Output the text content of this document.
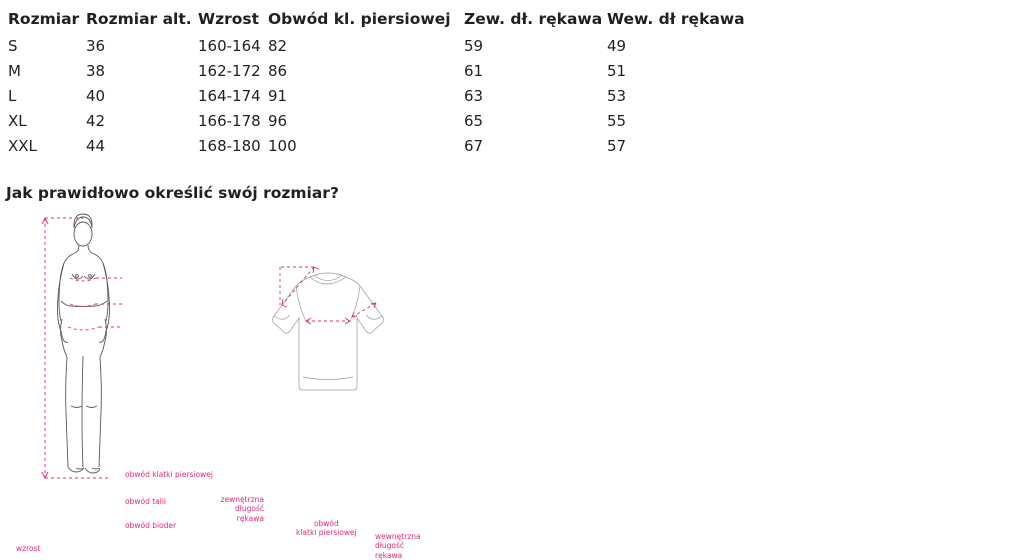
Rozmiar	Rozmiar alt.	Wzrost	Obwód kl. piersiowej	Zew. dł. rękawa	Wew. dł rękawa
S	36	160-164	82	59	49
M	38	162-172	86	61	51
L	40	164-174	91	63	53
XL	42	166-178	96	65	55
XXL	44	168-180	100	67	57
Jak prawidłowo określić swój rozmiar?
obwód klatki piersiowej
obwód talii
obwód bioder
wzrost
zewnętrzna
długość
rękawa
obwód
klatki piersiowej wewnętrzna
długość
rękawa
